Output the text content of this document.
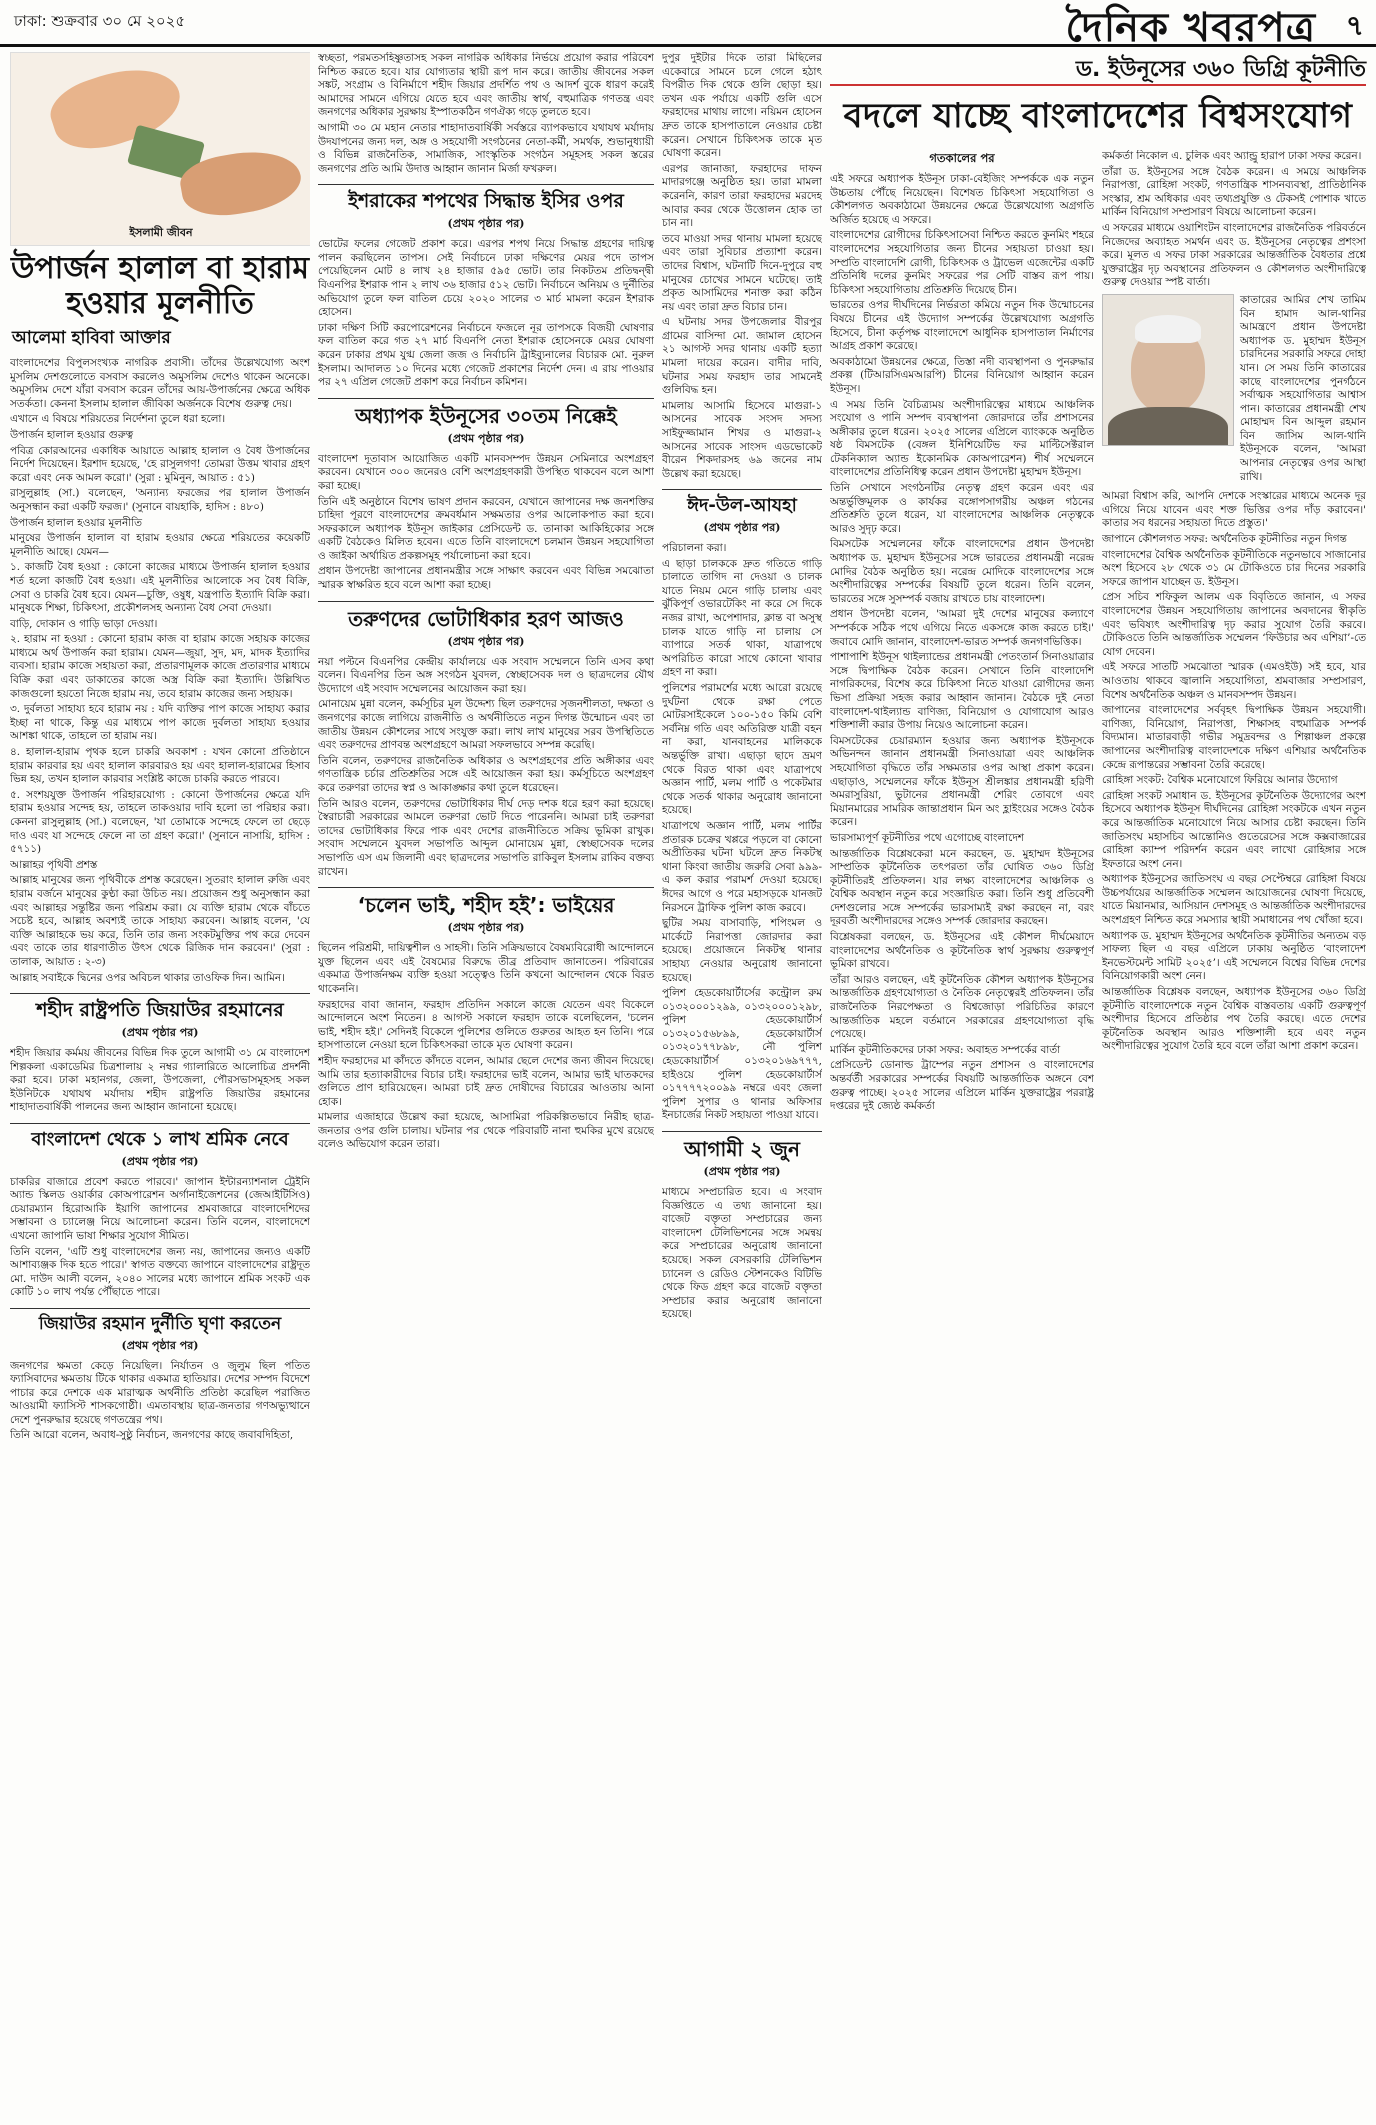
ঢাকা: শুক্রবার ৩০ মে ২০২৫	দৈনিক খবরপত্র ৭
ইসলামী জীবন
উপার্জন হালাল বা হারাম হওয়ার মূলনীতি
আলেমা হাবিবা আক্তার

বাংলাদেশের বিপুলসংখ্যক নাগরিক প্রবাসী। তাঁদের উল্লেখযোগ্য অংশ মুসলিম দেশগুলোতে বসবাস করলেও অমুসলিম দেশেও থাকেন অনেকে। অমুসলিম দেশে যাঁরা বসবাস করেন তাঁদের আয়-উপার্জনের ক্ষেত্রে অধিক সতর্কতা। কেননা ইসলাম হালাল জীবিকা অর্জনকে বিশেষ গুরুত্ব দেয়।

এখানে এ বিষয়ে শরিয়তের নির্দেশনা তুলে ধরা হলো।

উপার্জন হালাল হওয়ার গুরুত্ব

পবিত্র কোরআনের একাধিক আয়াতে আল্লাহ হালাল ও বৈধ উপার্জনের নির্দেশ দিয়েছেন। ইরশাদ হয়েছে, 'হে রাসুলগণ! তোমরা উত্তম খাবার গ্রহণ করো এবং নেক আমল করো।' (সুরা : মুমিনুন, আয়াত : ৫১)

রাসুলুল্লাহ (সা.) বলেছেন, 'অন্যান্য ফরজের পর হালাল উপার্জন অনুসন্ধান করা একটি ফরজ।' (সুনানে বায়হাকি, হাদিস : ৪৮০)

উপার্জন হালাল হওয়ার মূলনীতি

মানুষের উপার্জন হালাল বা হারাম হওয়ার ক্ষেত্রে শরিয়তের কয়েকটি মূলনীতি আছে। যেমন—

১. কাজটি বৈধ হওয়া : কোনো কাজের মাধ্যমে উপার্জন হালাল হওয়ার শর্ত হলো কাজটি বৈধ হওয়া। এই মূলনীতির আলোকে সব বৈধ বিক্রি, সেবা ও চাকরি বৈধ হবে। যেমন—চুক্তি, ওষুধ, যন্ত্রপাতি ইত্যাদি বিক্রি করা। মানুষকে শিক্ষা, চিকিৎসা, প্রকৌশলসহ অন্যান্য বৈধ সেবা দেওয়া।

বাড়ি, দোকান ও গাড়ি ভাড়া দেওয়া।

২. হারাম না হওয়া : কোনো হারাম কাজ বা হারাম কাজে সহায়ক কাজের মাধ্যমে অর্থ উপার্জন করা হারাম। যেমন—জুয়া, সুদ, মদ, মাদক ইত্যাদির ব্যবসা। হারাম কাজে সহায়তা করা, প্রতারণামূলক কাজে প্রতারণার মাধ্যমে বিক্রি করা এবং ডাকাতের কাজে অস্ত্র বিক্রি করা ইত্যাদি। উল্লিখিত কাজগুলো হয়তো নিজে হারাম নয়, তবে হারাম কাজের জন্য সহায়ক।

৩. দুর্বলতা সাহায্য হবে হারাম নয় : যদি ব্যক্তির পাপ কাজে সাহায্য করার ইচ্ছা না থাকে, কিন্তু এর মাধ্যমে পাপ কাজে দুর্বলতা সাহায্য হওয়ার আশঙ্কা থাকে, তাহলে তা হারাম নয়।

৪. হালাল-হারাম পৃথক হলে চাকরি অবকাশ : যখন কোনো প্রতিষ্ঠানে হারাম কারবার হয় এবং হালাল কারবারও হয় এবং হালাল-হারামের হিসাব ভিন্ন হয়, তখন হালাল কারবার সংশ্লিষ্ট কাজে চাকরি করতে পারবে।

৫. সংশয়যুক্ত উপার্জন পরিহারযোগ্য : কোনো উপার্জনের ক্ষেত্রে যদি হারাম হওয়ার সন্দেহ হয়, তাহলে তাকওয়ার দাবি হলো তা পরিহার করা। কেননা রাসুলুল্লাহ (সা.) বলেছেন, 'যা তোমাকে সন্দেহে ফেলে তা ছেড়ে দাও এবং যা সন্দেহে ফেলে না তা গ্রহণ করো।' (সুনানে নাসায়ি, হাদিস : ৫৭১১)

আল্লাহর পৃথিবী প্রশস্ত

আল্লাহ মানুষের জন্য পৃথিবীকে প্রশস্ত করেছেন। সুতরাং হালাল রুজি এবং হারাম বর্জনে মানুষের কুণ্ঠা করা উচিত নয়। প্রয়োজন শুধু অনুসন্ধান করা এবং আল্লাহর সন্তুষ্টির জন্য পরিশ্রম করা। যে ব্যক্তি হারাম থেকে বাঁচতে সচেষ্ট হবে, আল্লাহ অবশ্যই তাকে সাহায্য করবেন। আল্লাহ বলেন, 'যে ব্যক্তি আল্লাহকে ভয় করে, তিনি তার জন্য সংকটমুক্তির পথ করে দেবেন এবং তাকে তার ধারণাতীত উৎস থেকে রিজিক দান করবেন।' (সুরা : তালাক, আয়াত : ২-৩)

আল্লাহ সবাইকে দ্বিনের ওপর অবিচল থাকার তাওফিক দিন। আমিন।

শহীদ রাষ্ট্রপতি জিয়াউর রহমানের
(প্রথম পৃষ্ঠার পর)

শহীদ জিয়ার কর্মময় জীবনের বিভিন্ন দিক তুলে আগামী ৩১ মে বাংলাদেশ শিল্পকলা একাডেমির চিত্রশালায় ২ নম্বর গ্যালারিতে আলোচিত্র প্রদর্শনী করা হবে। ঢাকা মহানগর, জেলা, উপজেলা, পৌরসভাসমূহসহ সকল ইউনিটকে যথাযথ মর্যাদায় শহীদ রাষ্ট্রপতি জিয়াউর রহমানের শাহাদাতবার্ষিকী পালনের জন্য আহ্বান জানানো হয়েছে।

বাংলাদেশ থেকে ১ লাখ শ্রমিক নেবে
(প্রথম পৃষ্ঠার পর)

চাকরির বাজারে প্রবেশ করতে পারবে।' জাপান ইন্টারন্যাশনাল ট্রেইনি অ্যান্ড স্কিলড ওয়ার্কার কোঅপারেশন অর্গানাইজেশনের (জেআইটিসিও) চেয়ারম্যান হিরোআকি ইয়াগি জাপানের শ্রমবাজারে বাংলাদেশিদের সম্ভাবনা ও চ্যালেঞ্জ নিয়ে আলোচনা করেন। তিনি বলেন, বাংলাদেশে এখনো জাপানি ভাষা শিক্ষার সুযোগ সীমিত।

তিনি বলেন, 'এটি শুধু বাংলাদেশের জন্য নয়, জাপানের জন্যও একটি আশাব্যঞ্জক দিক হতে পারে।' স্বাগত বক্তব্যে জাপানে বাংলাদেশের রাষ্ট্রদূত মো. দাউদ আলী বলেন, ২০৪০ সালের মধ্যে জাপানে শ্রমিক সংকট এক কোটি ১০ লাখ পর্যন্ত পৌঁছাতে পারে।

জিয়াউর রহমান দুর্নীতি ঘৃণা করতেন
(প্রথম পৃষ্ঠার পর)

জনগণের ক্ষমতা কেড়ে নিয়েছিল। নির্যাতন ও জুলুম ছিল পতিত ফ্যাসিবাদের ক্ষমতায় টিকে থাকার একমাত্র হাতিয়ার। দেশের সম্পদ বিদেশে পাচার করে দেশকে এক মারাত্মক অর্থনীতি প্রতিষ্ঠা করেছিল পরাজিত আওয়ামী ফ্যাসিস্ট শাসকগোষ্ঠী। এমতাবস্থায় ছাত্র-জনতার গণঅভ্যুত্থানে দেশে পুনরুদ্ধার হয়েছে গণতন্ত্রের পথ।

তিনি আরো বলেন, অবাধ-সুষ্ঠু নির্বাচন, জনগণের কাছে জবাবদিহিতা,

স্বচ্ছতা, পরমতসহিষ্ণুতাসহ সকল নাগরিক অধিকার নির্ভয়ে প্রয়োগ করার পরিবেশ নিশ্চিত করতে হবে। যার যোগ্যতার স্থায়ী রূপ দান করে। জাতীয় জীবনের সকল সঙ্কট, সংগ্রাম ও বিনির্মাণে শহীদ জিয়ার প্রদর্শিত পথ ও আদর্শ বুকে ধারণ করেই আমাদের সামনে এগিয়ে যেতে হবে এবং জাতীয় স্বার্থ, বহুমাত্রিক গণতন্ত্র এবং জনগণের অধিকার সুরক্ষায় ইস্পাতকঠিন গণঐক্য গড়ে তুলতে হবে।

আগামী ৩০ মে মহান নেতার শাহাদাতবার্ষিকী সর্বস্তরে ব্যাপকভাবে যথাযথ মর্যাদায় উদযাপনের জন্য দল, অঙ্গ ও সহযোগী সংগঠনের নেতা-কর্মী, সমর্থক, শুভানুধ্যায়ী ও বিভিন্ন রাজনৈতিক, সামাজিক, সাংস্কৃতিক সংগঠন সমূহসহ সকল স্তরের জনগণের প্রতি আমি উদাত্ত আহ্বান জানান মির্জা ফখরুল।

ইশরাকের শপথের সিদ্ধান্ত ইসির ওপর
(প্রথম পৃষ্ঠার পর)

ভোটের ফলের গেজেট প্রকাশ করে। এরপর শপথ নিয়ে সিদ্ধান্ত গ্রহণের দায়িত্ব পালন করছিলেন তাপস। সেই নির্বাচনে ঢাকা দক্ষিণের মেয়র পদে তাপস পেয়েছিলেন মোট ৪ লাখ ২৪ হাজার ৫৯৫ ভোট। তার নিকটতম প্রতিদ্বন্দ্বী বিএনপির ইশরাক পান ২ লাখ ৩৬ হাজার ৫১২ ভোট। নির্বাচনে অনিয়ম ও দুর্নীতির অভিযোগ তুলে ফল বাতিল চেয়ে ২০২০ সালের ৩ মার্চ মামলা করেন ইশরাক হোসেন।

ঢাকা দক্ষিণ সিটি করপোরেশনের নির্বাচনে ফজলে নূর তাপসকে বিজয়ী ঘোষণার ফল বাতিল করে গত ২৭ মার্চ বিএনপি নেতা ইশরাক হোসেনকে মেয়র ঘোষণা করেন ঢাকার প্রথম যুগ্ম জেলা জজ ও নির্বাচনি ট্রাইব্যুনালের বিচারক মো. নুরুল ইসলাম। আদালত ১০ দিনের মধ্যে গেজেট প্রকাশের নির্দেশ দেন। এ রায় পাওয়ার পর ২৭ এপ্রিল গেজেট প্রকাশ করে নির্বাচন কমিশন।

অধ্যাপক ইউনূসের ৩০তম নিক্কেই
(প্রথম পৃষ্ঠার পর)

বাংলাদেশ দূতাবাস আয়োজিত একটি মানবসম্পদ উন্নয়ন সেমিনারে অংশগ্রহণ করবেন। যেখানে ৩০০ জনেরও বেশি অংশগ্রহণকারী উপস্থিত থাকবেন বলে আশা করা হচ্ছে।

তিনি এই অনুষ্ঠানে বিশেষ ভাষণ প্রদান করবেন, যেখানে জাপানের দক্ষ জনশক্তির চাহিদা পূরণে বাংলাদেশের ক্রমবর্ধমান সক্ষমতার ওপর আলোকপাত করা হবে। সফরকালে অধ্যাপক ইউনূস জাইকার প্রেসিডেন্ট ড. তানাকা আকিহিকোর সঙ্গে একটি বৈঠকেও মিলিত হবেন। এতে তিনি বাংলাদেশে চলমান উন্নয়ন সহযোগিতা ও জাইকা অর্থায়িত প্রকল্পসমূহ পর্যালোচনা করা হবে।

প্রধান উপদেষ্টা জাপানের প্রধানমন্ত্রীর সঙ্গে সাক্ষাৎ করবেন এবং বিভিন্ন সমঝোতা স্মারক স্বাক্ষরিত হবে বলে আশা করা হচ্ছে।

তরুণদের ভোটাধিকার হরণ আজও
(প্রথম পৃষ্ঠার পর)

নয়া পল্টনে বিএনপির কেন্দ্রীয় কার্যালয়ে এক সংবাদ সম্মেলনে তিনি এসব কথা বলেন। বিএনপির তিন অঙ্গ সংগঠন যুবদল, স্বেচ্ছাসেবক দল ও ছাত্রদলের যৌথ উদ্যোগে এই সংবাদ সম্মেলনের আয়োজন করা হয়।

মোনায়েম মুন্না বলেন, কর্মসূচির মূল উদ্দেশ্য ছিল তরুণদের সৃজনশীলতা, দক্ষতা ও জনগণের কাজে লাগিয়ে রাজনীতি ও অর্থনীতিতে নতুন দিগন্ত উন্মোচন এবং তা জাতীয় উন্নয়ন কৌশলের সাথে সংযুক্ত করা। লাখ লাখ মানুষের সরব উপস্থিতিতে এবং তরুণদের প্রাণবন্ত অংশগ্রহণে আমরা সফলভাবে সম্পন্ন করেছি।

তিনি বলেন, তরুণদের রাজনৈতিক অধিকার ও অংশগ্রহণের প্রতি অঙ্গীকার এবং গণতান্ত্রিক চর্চার প্রতিশ্রুতির সঙ্গে এই আয়োজন করা হয়। কর্মসূচিতে অংশগ্রহণ করে তরুণরা তাদের স্বপ্ন ও আকাঙ্ক্ষার কথা তুলে ধরেছেন।

তিনি আরও বলেন, তরুণদের ভোটাধিকার দীর্ঘ দেড় দশক ধরে হরণ করা হয়েছে। স্বৈরাচারী সরকারের আমলে তরুণরা ভোট দিতে পারেননি। আমরা চাই তরুণরা তাদের ভোটাধিকার ফিরে পাক এবং দেশের রাজনীতিতে সক্রিয় ভূমিকা রাখুক। সংবাদ সম্মেলনে যুবদল সভাপতি আব্দুল মোনায়েম মুন্না, স্বেচ্ছাসেবক দলের সভাপতি এস এম জিলানী এবং ছাত্রদলের সভাপতি রাকিবুল ইসলাম রাকিব বক্তব্য রাখেন।

‘চলেন ভাই, শহীদ হই’: ভাইয়ের
(প্রথম পৃষ্ঠার পর)

ছিলেন পরিশ্রমী, দায়িত্বশীল ও সাহসী। তিনি সক্রিয়ভাবে বৈষম্যবিরোধী আন্দোলনে যুক্ত ছিলেন এবং এই বৈষম্যের বিরুদ্ধে তীব্র প্রতিবাদ জানাতেন। পরিবারের একমাত্র উপার্জনক্ষম ব্যক্তি হওয়া সত্ত্বেও তিনি কখনো আন্দোলন থেকে বিরত থাকেননি।

ফরহাদের বাবা জানান, ফরহাদ প্রতিদিন সকালে কাজে যেতেন এবং বিকেলে আন্দোলনে অংশ নিতেন। ৪ আগস্ট সকালে ফরহাদ তাকে বলেছিলেন, 'চলেন ভাই, শহীদ হই।' সেদিনই বিকেলে পুলিশের গুলিতে গুরুতর আহত হন তিনি। পরে হাসপাতালে নেওয়া হলে চিকিৎসকরা তাকে মৃত ঘোষণা করেন।

শহীদ ফরহাদের মা কাঁদতে কাঁদতে বলেন, আমার ছেলে দেশের জন্য জীবন দিয়েছে। আমি তার হত্যাকারীদের বিচার চাই। ফরহাদের ভাই বলেন, আমার ভাই ঘাতকদের গুলিতে প্রাণ হারিয়েছেন। আমরা চাই দ্রুত দোষীদের বিচারের আওতায় আনা হোক।

মামলার এজাহারে উল্লেখ করা হয়েছে, আসামিরা পরিকল্পিতভাবে নিরীহ ছাত্র-জনতার ওপর গুলি চালায়। ঘটনার পর থেকে পরিবারটি নানা হুমকির মুখে রয়েছে বলেও অভিযোগ করেন তারা।

দুপুর দুইটার দিকে তারা মিছিলের একেবারে সামনে চলে গেলে হঠাৎ বিপরীত দিক থেকে গুলি ছোড়া হয়। তখন এক পর্যায়ে একটি গুলি এসে ফরহাদের মাথায় লাগে। নয়িমন হোসেন দ্রুত তাকে হাসপাতালে নেওয়ার চেষ্টা করেন। সেখানে চিকিৎসক তাকে মৃত ঘোষণা করেন।

এরপর জানাজা, ফরহাদের দাফন মাদারগঞ্জে অনুষ্ঠিত হয়। তারা মামলা করেননি, কারণ তারা ফরহাদের মরদেহ আবার কবর থেকে উত্তোলন হোক তা চান না।

তবে মাওয়া সদর থানায় মামলা হয়েছে এবং তারা সুবিচার প্রত্যাশা করেন। তাদের বিশ্বাস, ঘটনাটি দিনে-দুপুরে বহু মানুষের চোখের সামনে ঘটেছে। তাই প্রকৃত আসামিদের শনাক্ত করা কঠিন নয় এবং তারা দ্রুত বিচার চান।

এ ঘটনায় সদর উপজেলার বীরপুর গ্রামের বাসিন্দা মো. জামাল হোসেন ২১ আগস্ট সদর থানায় একটি হত্যা মামলা দায়ের করেন। বাদীর দাবি, ঘটনার সময় ফরহাদ তার সামনেই গুলিবিদ্ধ হন।

মামলায় আসামি হিসেবে মাগুরা-১ আসনের সাবেক সংসদ সদস্য সাইফুজ্জামান শিখর ও মাগুরা-২ আসনের সাবেক সাংসদ এডভোকেট বীরেন শিকদারসহ ৬৯ জনের নাম উল্লেখ করা হয়েছে।

ঈদ-উল-আযহা
(প্রথম পৃষ্ঠার পর)

পরিচালনা করা।

এ ছাড়া চালককে দ্রুত গতিতে গাড়ি চালাতে তাগিদ না দেওয়া ও চালক যাতে নিয়ম মেনে গাড়ি চালায় এবং ঝুঁকিপূর্ণ ওভারটেকিং না করে সে দিকে নজর রাখা, অপেশাদার, ক্লান্ত বা অসুস্থ চালক যাতে গাড়ি না চালায় সে ব্যাপারে সতর্ক থাকা, যাত্রাপথে অপরিচিত কারো সাথে কোনো খাবার গ্রহণ না করা।

পুলিশের পরামর্শের মধ্যে আরো রয়েছে দুর্ঘটনা থেকে রক্ষা পেতে মোটরসাইকেলে ১০০-১৫০ কিমি বেশি সর্বনিম্ন গতি এবং অতিরিক্ত যাত্রী বহন না করা, যানবাহনের মালিককে অন্তর্ভুক্তি রাখা। এছাড়া ছাদে ভ্রমণ থেকে বিরত থাকা এবং যাত্রাপথে অজ্ঞান পার্টি, মলম পার্টি ও পকেটমার থেকে সতর্ক থাকার অনুরোধ জানানো হয়েছে।

যাত্রাপথে অজ্ঞান পার্টি, মলম পার্টির প্রতারক চক্রের খপ্পরে পড়লে বা কোনো অপ্রীতিকর ঘটনা ঘটলে দ্রুত নিকটস্থ থানা কিংবা জাতীয় জরুরি সেবা ৯৯৯-এ কল করার পরামর্শ দেওয়া হয়েছে। ঈদের আগে ও পরে মহাসড়কে যানজট নিরসনে ট্রাফিক পুলিশ কাজ করবে।

ছুটির সময় বাসাবাড়ি, শপিংমল ও মার্কেটে নিরাপত্তা জোরদার করা হয়েছে। প্রয়োজনে নিকটস্থ থানার সাহায্য নেওয়ার অনুরোধ জানানো হয়েছে।

পুলিশ হেডকোয়ার্টার্সের কন্ট্রোল রুম ০১৩২০০০১২৯৯, ০১৩২০০০১২৯৮, পুলিশ হেডকোয়ার্টার্স ০১৩২০১৫৬৮৯৯, হেডকোয়ার্টার্স ০১৩২০১৭৭৮৯৮, নৌ পুলিশ হেডকোয়ার্টার্স ০১৩২০১৬৯৭৭৭, হাইওয়ে পুলিশ হেডকোয়ার্টার্স ০১৭৭৭৭২০০৯৯ নম্বরে এবং জেলা পুলিশ সুপার ও থানার অফিসার ইনচার্জের নিকট সহায়তা পাওয়া যাবে।

আগামী ২ জুন
(প্রথম পৃষ্ঠার পর)

মাধ্যমে সম্প্রচারিত হবে। এ সংবাদ বিজ্ঞপ্তিতে এ তথ্য জানানো হয়। বাজেট বক্তৃতা সম্প্রচারের জন্য বাংলাদেশ টেলিভিশনের সঙ্গে সমন্বয় করে সম্প্রচারের অনুরোধ জানানো হয়েছে। সকল বেসরকারি টেলিভিশন চ্যানেল ও রেডিও স্টেশনকেও বিটিভি থেকে ফিড গ্রহণ করে বাজেট বক্তৃতা সম্প্রচার করার অনুরোধ জানানো হয়েছে।

ড. ইউনূসের ৩৬০ ডিগ্রি কূটনীতি
বদলে যাচ্ছে বাংলাদেশের বিশ্বসংযোগ
গতকালের পর

এই সফরে অধ্যাপক ইউনূস ঢাকা-বেইজিং সম্পর্ককে এক নতুন উচ্চতায় পৌঁছে নিয়েছেন। বিশেষত চিকিৎসা সহযোগিতা ও কৌশলগত অবকাঠামো উন্নয়নের ক্ষেত্রে উল্লেখযোগ্য অগ্রগতি অর্জিত হয়েছে এ সফরে।

বাংলাদেশের রোগীদের চিকিৎসাসেবা নিশ্চিত করতে কুনমিং শহরে বাংলাদেশের সহযোগিতার জন্য চীনের সহায়তা চাওয়া হয়। সম্প্রতি বাংলাদেশি রোগী, চিকিৎসক ও ট্রাভেল এজেন্টের একটি প্রতিনিধি দলের কুনমিং সফরের পর সেটি বাস্তব রূপ পায়। চিকিৎসা সহযোগিতায় প্রতিশ্রুতি দিয়েছে চীন।

ভারতের ওপর দীর্ঘদিনের নির্ভরতা কমিয়ে নতুন দিক উন্মোচনের বিষয়ে চীনের এই উদ্যোগ সম্পর্কের উল্লেখযোগ্য অগ্রগতি হিসেবে, চীনা কর্তৃপক্ষ বাংলাদেশে আধুনিক হাসপাতাল নির্মাণের আগ্রহ প্রকাশ করেছে।

অবকাঠামো উন্নয়নের ক্ষেত্রে, তিস্তা নদী ব্যবস্থাপনা ও পুনরুদ্ধার প্রকল্প (টিআরসিএমআরপি) চীনের বিনিয়োগ আহ্বান করেন ইউনূস।

এ সময় তিনি বৈচিত্র্যময় অংশীদারিত্বের মাধ্যমে আঞ্চলিক সংযোগ ও পানি সম্পদ ব্যবস্থাপনা জোরদারে তাঁর প্রশাসনের অঙ্গীকার তুলে ধরেন। ২০২৫ সালের এপ্রিলে ব্যাংককে অনুষ্ঠিত ষষ্ঠ বিমসটেক (বেঙ্গল ইনিশিয়েটিভ ফর মাল্টিসেক্টরাল টেকনিক্যাল অ্যান্ড ইকোনমিক কোঅপারেশন) শীর্ষ সম্মেলনে বাংলাদেশের প্রতিনিধিত্ব করেন প্রধান উপদেষ্টা মুহাম্মদ ইউনূস।

তিনি সেখানে সংগঠনটির নেতৃত্ব গ্রহণ করেন এবং এর অন্তর্ভুক্তিমূলক ও কার্যকর বঙ্গোপসাগরীয় অঞ্চল গঠনের প্রতিশ্রুতি তুলে ধরেন, যা বাংলাদেশের আঞ্চলিক নেতৃত্বকে আরও সুদৃঢ় করে।

বিমসটেক সম্মেলনের ফাঁকে বাংলাদেশের প্রধান উপদেষ্টা অধ্যাপক ড. মুহাম্মদ ইউনূসের সঙ্গে ভারতের প্রধানমন্ত্রী নরেন্দ্র মোদির বৈঠক অনুষ্ঠিত হয়। নরেন্দ্র মোদিকে বাংলাদেশের সঙ্গে অংশীদারিত্বের সম্পর্কের বিষয়টি তুলে ধরেন। তিনি বলেন, ভারতের সঙ্গে সুসম্পর্ক বজায় রাখতে চায় বাংলাদেশ।

প্রধান উপদেষ্টা বলেন, 'আমরা দুই দেশের মানুষের কল্যাণে সম্পর্ককে সঠিক পথে এগিয়ে নিতে একসঙ্গে কাজ করতে চাই।' জবাবে মোদি জানান, বাংলাদেশ-ভারত সম্পর্ক জনগণভিত্তিক।

পাশাপাশি ইউনূস থাইল্যান্ডের প্রধানমন্ত্রী পেতংতার্ন সিনাওয়াত্রার সঙ্গে দ্বিপাক্ষিক বৈঠক করেন। সেখানে তিনি বাংলাদেশি নাগরিকদের, বিশেষ করে চিকিৎসা নিতে যাওয়া রোগীদের জন্য ভিসা প্রক্রিয়া সহজ করার আহ্বান জানান। বৈঠকে দুই নেতা বাংলাদেশ-থাইল্যান্ড বাণিজ্য, বিনিয়োগ ও যোগাযোগ আরও শক্তিশালী করার উপায় নিয়েও আলোচনা করেন।

বিমসটেকের চেয়ারম্যান হওয়ার জন্য অধ্যাপক ইউনূসকে অভিনন্দন জানান প্রধানমন্ত্রী সিনাওয়াত্রা এবং আঞ্চলিক সহযোগিতা বৃদ্ধিতে তাঁর সক্ষমতার ওপর আস্থা প্রকাশ করেন। এছাড়াও, সম্মেলনের ফাঁকে ইউনূস শ্রীলঙ্কার প্রধানমন্ত্রী হরিণী অমরাসুরিয়া, ভুটানের প্রধানমন্ত্রী শেরিং তোবগে এবং মিয়ানমারের সামরিক জান্তাপ্রধান মিন অং হ্লাইংয়ের সঙ্গেও বৈঠক করেন।

ভারসাম্যপূর্ণ কূটনীতির পথে এগোচ্ছে বাংলাদেশ

আন্তর্জাতিক বিশ্লেষকেরা মনে করছেন, ড. মুহাম্মদ ইউনূসের সাম্প্রতিক কূটনৈতিক তৎপরতা তাঁর ঘোষিত ৩৬০ ডিগ্রি কূটনীতিরই প্রতিফলন। যার লক্ষ্য বাংলাদেশের আঞ্চলিক ও বৈশ্বিক অবস্থান নতুন করে সংজ্ঞায়িত করা। তিনি শুধু প্রতিবেশী দেশগুলোর সঙ্গে সম্পর্কের ভারসাম্যই রক্ষা করছেন না, বরং দূরবর্তী অংশীদারদের সঙ্গেও সম্পর্ক জোরদার করছেন।

বিশ্লেষকরা বলছেন, ড. ইউনূসের এই কৌশল দীর্ঘমেয়াদে বাংলাদেশের অর্থনৈতিক ও কূটনৈতিক স্বার্থ সুরক্ষায় গুরুত্বপূর্ণ ভূমিকা রাখবে।

তাঁরা আরও বলছেন, এই কূটনৈতিক কৌশল অধ্যাপক ইউনূসের আন্তর্জাতিক গ্রহণযোগ্যতা ও নৈতিক নেতৃত্বেরই প্রতিফলন। তাঁর রাজনৈতিক নিরপেক্ষতা ও বিশ্বজোড়া পরিচিতির কারণে আন্তর্জাতিক মহলে বর্তমানে সরকারের গ্রহণযোগ্যতা বৃদ্ধি পেয়েছে।

মার্কিন কূটনীতিকদের ঢাকা সফর: অবাহত সম্পর্কের বার্তা

প্রেসিডেন্ট ডোনাল্ড ট্রাম্পের নতুন প্রশাসন ও বাংলাদেশের অন্তর্বর্তী সরকারের সম্পর্কের বিষয়টি আন্তর্জাতিক অঙ্গনে বেশ গুরুত্ব পাচ্ছে। ২০২৫ সালের এপ্রিলে মার্কিন যুক্তরাষ্ট্রের পররাষ্ট্র দপ্তরের দুই জ্যেষ্ঠ কর্মকর্তা

কর্মকর্তা নিকোল এ. চুলিক এবং অ্যান্ড্রু হারাপ ঢাকা সফর করেন।

তাঁরা ড. ইউনূসের সঙ্গে বৈঠক করেন। এ সময়ে আঞ্চলিক নিরাপত্তা, রোহিঙ্গা সংকট, গণতান্ত্রিক শাসনব্যবস্থা, প্রাতিষ্ঠানিক সংস্কার, শ্রম অধিকার এবং তথ্যপ্রযুক্তি ও টেকসই পোশাক খাতে মার্কিন বিনিয়োগ সম্প্রসারণ বিষয়ে আলোচনা করেন।

এ সফরের মাধ্যমে ওয়াশিংটন বাংলাদেশের রাজনৈতিক পরিবর্তনে নিজেদের অব্যাহত সমর্থন এবং ড. ইউনূসের নেতৃত্বের প্রশংসা করে। মূলত এ সফর ঢাকা সরকারের আন্তর্জাতিক বৈধতার প্রশ্নে যুক্তরাষ্ট্রের দৃঢ় অবস্থানের প্রতিফলন ও কৌশলগত অংশীদারিত্বে গুরুত্ব দেওয়ার স্পষ্ট বার্তা।

কাতারের আমির শেখ তামিম বিন হামাদ আল-থানির আমন্ত্রণে প্রধান উপদেষ্টা অধ্যাপক ড. মুহাম্মদ ইউনূস চারদিনের সরকারি সফরে দোহা যান। সে সময় তিনি কাতারের কাছে বাংলাদেশের পুনর্গঠনে সর্বাত্মক সহযোগিতার আশ্বাস পান। কাতারের প্রধানমন্ত্রী শেখ মোহাম্মদ বিন আব্দুল রহমান বিন জাসিম আল-থানি ইউনূসকে বলেন, 'আমরা আপনার নেতৃত্বের ওপর আস্থা রাখি।

আমরা বিশ্বাস করি, আপনি দেশকে সংস্কারের মাধ্যমে অনেক দূর এগিয়ে নিয়ে যাবেন এবং শক্ত ভিত্তির ওপর দাঁড় করাবেন।' কাতার সব ধরনের সহায়তা দিতে প্রস্তুত।'

জাপানে কৌশলগত সফর: অর্থনৈতিক কূটনীতির নতুন দিগন্ত

বাংলাদেশের বৈশ্বিক অর্থনৈতিক কূটনীতিকে নতুনভাবে সাজানোর অংশ হিসেবে ২৮ থেকে ৩১ মে টোকিওতে চার দিনের সরকারি সফরে জাপান যাচ্ছেন ড. ইউনূস।

প্রেস সচিব শফিকুল আলম এক বিবৃতিতে জানান, এ সফর বাংলাদেশের উন্নয়ন সহযোগিতায় জাপানের অবদানের স্বীকৃতি এবং ভবিষ্যৎ অংশীদারিত্ব দৃঢ় করার সুযোগ তৈরি করবে। টোকিওতে তিনি আন্তর্জাতিক সম্মেলন ‘ফিউচার অব এশিয়া’-তে যোগ দেবেন।

এই সফরে সাতটি সমঝোতা স্মারক (এমওইউ) সই হবে, যার আওতায় থাকবে জ্বালানি সহযোগিতা, শ্রমবাজার সম্প্রসারণ, বিশেষ অর্থনৈতিক অঞ্চল ও মানবসম্পদ উন্নয়ন।

জাপানের বাংলাদেশের সর্ববৃহৎ দ্বিপাক্ষিক উন্নয়ন সহযোগী। বাণিজ্য, বিনিয়োগ, নিরাপত্তা, শিক্ষাসহ বহুমাত্রিক সম্পর্ক বিদ্যমান। মাতারবাড়ী গভীর সমুদ্রবন্দর ও শিল্পাঞ্চল প্রকল্পে জাপানের অংশীদারিত্ব বাংলাদেশকে দক্ষিণ এশিয়ার অর্থনৈতিক কেন্দ্রে রূপান্তরের সম্ভাবনা তৈরি করেছে।

রোহিঙ্গা সংকট: বৈশ্বিক মনোযোগে ফিরিয়ে আনার উদ্যোগ

রোহিঙ্গা সংকট সমাধান ড. ইউনূসের কূটনৈতিক উদ্যোগের অংশ হিসেবে অধ্যাপক ইউনূস দীর্ঘদিনের রোহিঙ্গা সংকটকে এখন নতুন করে আন্তর্জাতিক মনোযোগে নিয়ে আসার চেষ্টা করছেন। তিনি জাতিসংঘ মহাসচিব আন্তোনিও গুতেরেসের সঙ্গে কক্সবাজারের রোহিঙ্গা ক্যাম্প পরিদর্শন করেন এবং লাখো রোহিঙ্গার সঙ্গে ইফতারে অংশ নেন।

অধ্যাপক ইউনূসের জাতিসংঘ এ বছর সেপ্টেম্বরে রোহিঙ্গা বিষয়ে উচ্চপর্যায়ের আন্তর্জাতিক সম্মেলন আয়োজনের ঘোষণা দিয়েছে, যাতে মিয়ানমার, আসিয়ান দেশসমূহ ও আন্তর্জাতিক অংশীদারদের অংশগ্রহণ নিশ্চিত করে সমস্যার স্থায়ী সমাধানের পথ খোঁজা হবে।

অধ্যাপক ড. মুহাম্মদ ইউনূসের অর্থনৈতিক কূটনীতির অন্যতম বড় সাফল্য ছিল এ বছর এপ্রিলে ঢাকায় অনুষ্ঠিত ‘বাংলাদেশ ইনভেস্টমেন্ট সামিট ২০২৫’। এই সম্মেলনে বিশ্বের বিভিন্ন দেশের বিনিয়োগকারী অংশ নেন।

আন্তর্জাতিক বিশ্লেষক বলছেন, অধ্যাপক ইউনূসের ৩৬০ ডিগ্রি কূটনীতি বাংলাদেশকে নতুন বৈশ্বিক বাস্তবতায় একটি গুরুত্বপূর্ণ অংশীদার হিসেবে প্রতিষ্ঠার পথ তৈরি করছে। এতে দেশের কূটনৈতিক অবস্থান আরও শক্তিশালী হবে এবং নতুন অংশীদারিত্বের সুযোগ তৈরি হবে বলে তাঁরা আশা প্রকাশ করেন।
